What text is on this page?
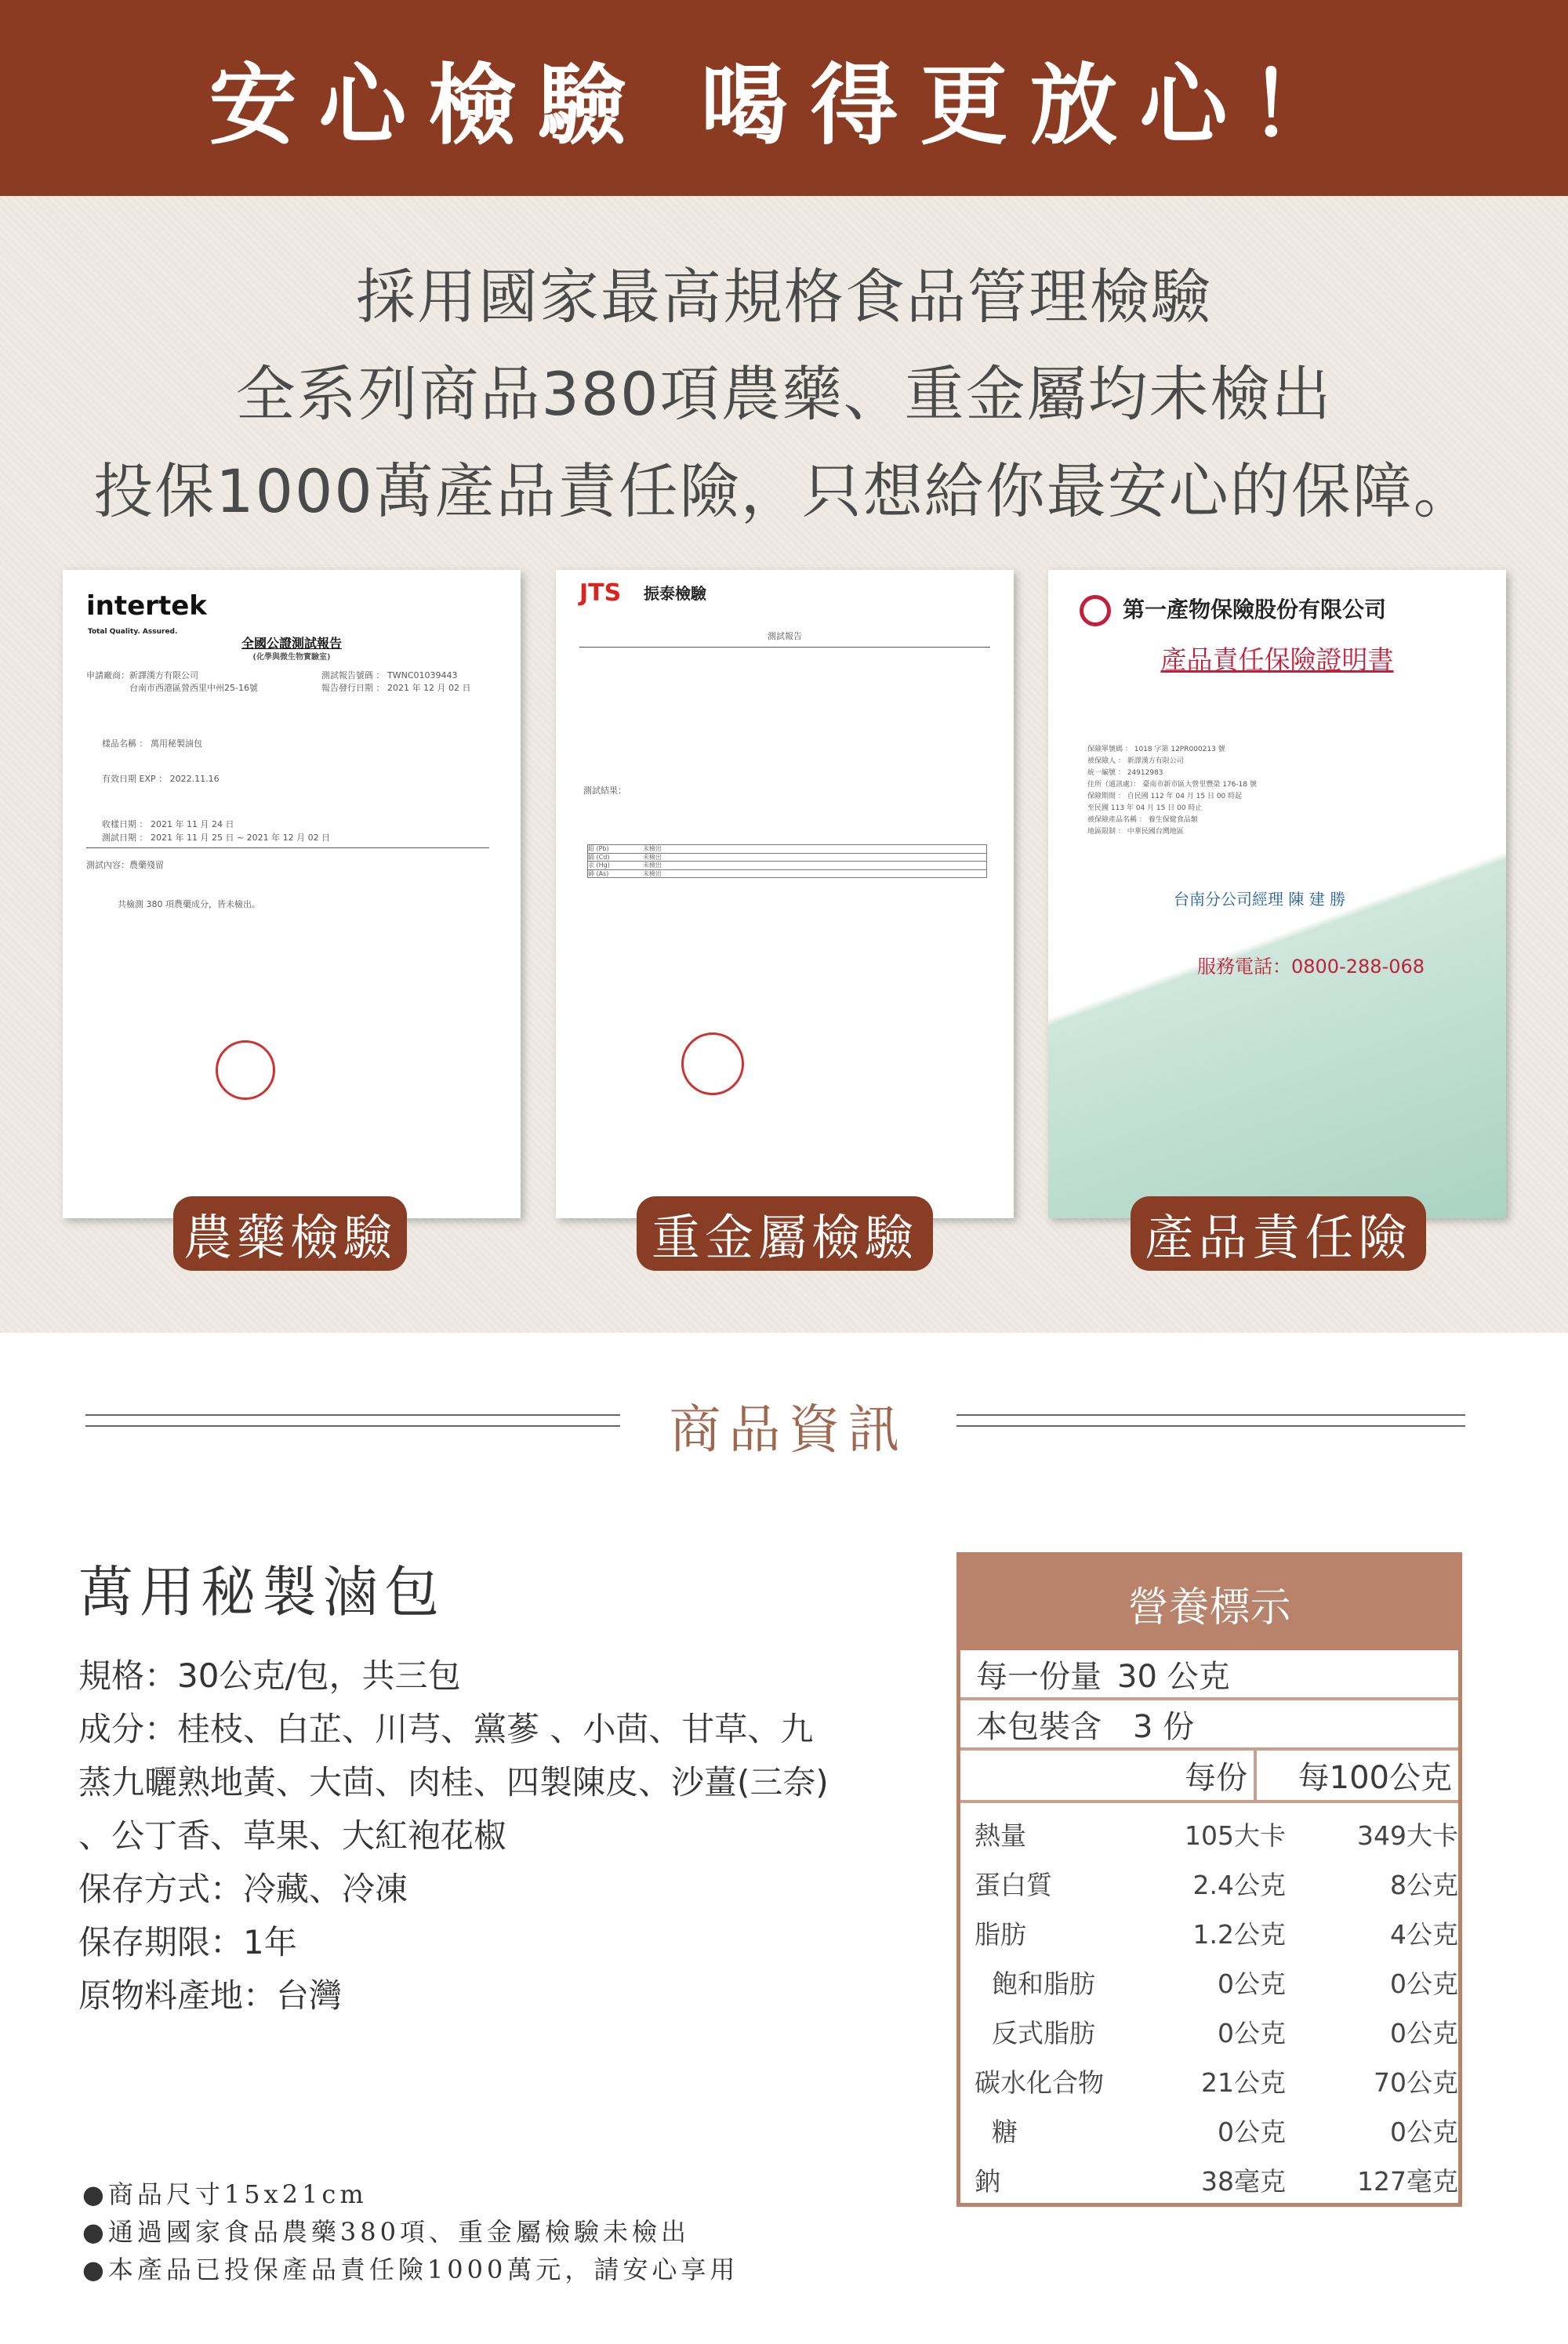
安心檢驗 喝得更放心！
採用國家最高規格食品管理檢驗
全系列商品380項農藥、重金屬均未檢出
投保1000萬產品責任險，只想給你最安心的保障。
intertek
Total Quality. Assured.
全國公證測試報告
(化學與微生物實驗室)
申請廠商：新譯漢方有限公司
台南市西港區營西里中州25-16號
測試報告號碼 ： TWNC01039443
報告發行日期 ： 2021 年 12 月 02 日
樣品名稱 ： 萬用秘製滷包
有效日期 EXP ： 2022.11.16
收樣日期 ： 2021 年 11 月 24 日
測試日期 ： 2021 年 11 月 25 日 ~ 2021 年 12 月 02 日
測試內容：農藥殘留
共檢測 380 項農藥成分，皆未檢出。
JTS 振泰檢驗
測試報告
測試結果：
鉛 (Pb)	未檢出
鎘 (Cd)	未檢出
汞 (Hg)	未檢出
砷 (As)	未檢出
第一產物保險股份有限公司
產品責任保險證明書
保險單號碼 ： 1018 字第 12PR000213 號
被保險人 ： 新譯漢方有限公司
統一編號 ： 24912983
住所（通訊處）： 臺南市新市區大營里豐榮 176-18 號
保險期間 ： 自民國 112 年 04 月 15 日 00 時起
至民國 113 年 04 月 15 日 00 時止
被保險產品名稱 ： 養生保健食品類
地區限制 ： 中華民國台灣地區
台南分公司經理 陳 建 勝
服務電話：0800-288-068
農藥檢驗	重金屬檢驗	產品責任險
商品資訊
萬用秘製滷包
規格：30公克/包，共三包
成分：桂枝、白芷、川芎、黨蔘 、小茴、甘草、九
蒸九曬熟地黃、大茴、肉桂、四製陳皮、沙薑(三奈)
、公丁香、草果、大紅袍花椒
保存方式：冷藏、冷凍
保存期限：1年
原物料產地：台灣
●商品尺寸15x21cm
●通過國家食品農藥380項、重金屬檢驗未檢出
●本產品已投保產品責任險1000萬元，請安心享用
營養標示
每一份量 30 公克
本包裝含 3 份
每份	每100公克
熱量	105大卡	349大卡
蛋白質	2.4公克	8公克
脂肪	1.2公克	4公克
飽和脂肪	0公克	0公克
反式脂肪	0公克	0公克
碳水化合物	21公克	70公克
糖	0公克	0公克
鈉	38毫克	127毫克
